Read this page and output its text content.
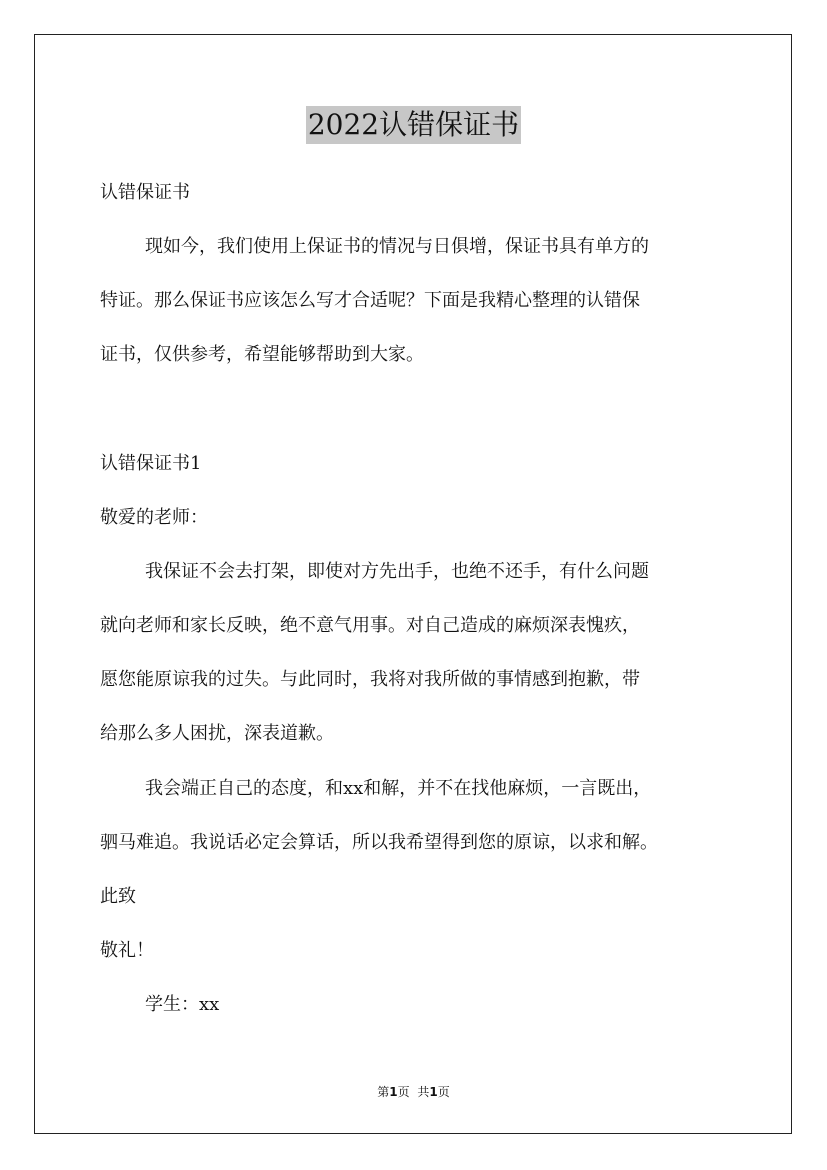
2022认错保证书

认错保证书

现如今，我们使用上保证书的情况与日俱增，保证书具有单方的

特证。那么保证书应该怎么写才合适呢？下面是我精心整理的认错保

证书，仅供参考，希望能够帮助到大家。

认错保证书1

敬爱的老师：

我保证不会去打架，即使对方先出手，也绝不还手，有什么问题

就向老师和家长反映，绝不意气用事。对自己造成的麻烦深表愧疚，

愿您能原谅我的过失。与此同时，我将对我所做的事情感到抱歉，带

给那么多人困扰，深表道歉。

我会端正自己的态度，和xx和解，并不在找他麻烦，一言既出，

驷马难追。我说话必定会算话，所以我希望得到您的原谅，以求和解。

此致

敬礼！

学生：xx

第1页 共1页
